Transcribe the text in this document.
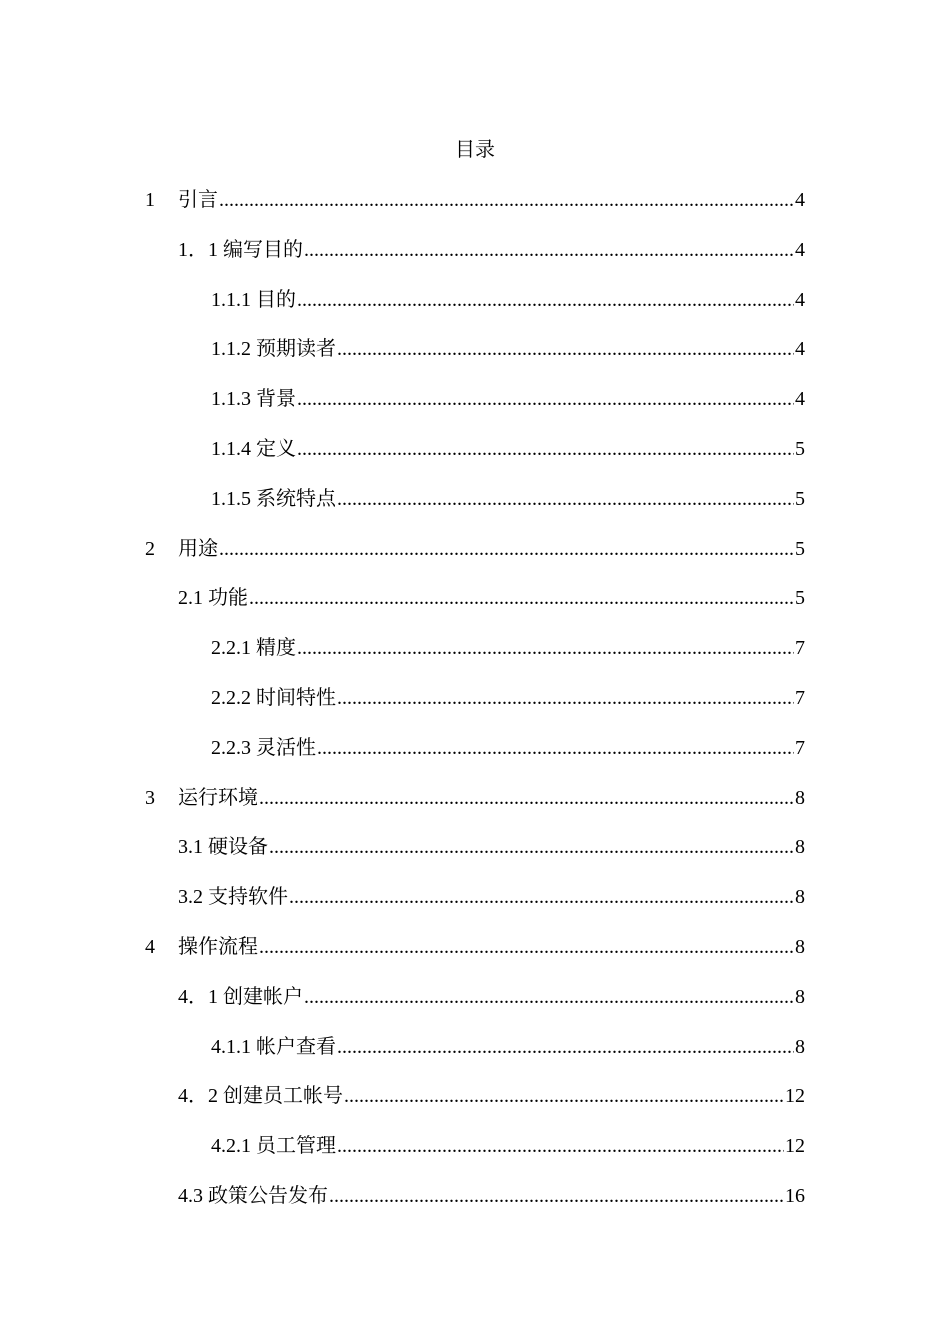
目录
1	引言 .....	4
1．1 编写目的 .....	4
1.1.1 目的 .....	4
1.1.2 预期读者 .....	4
1.1.3 背景 .....	4
1.1.4 定义 .....	5
1.1.5 系统特点 .....	5
2	用途 .....	5
2.1 功能 .....	5
2.2.1 精度 .....	7
2.2.2 时间特性 .....	7
2.2.3 灵活性 .....	7
3	运行环境 .....	8
3.1 硬设备 .....	8
3.2 支持软件 .....	8
4	操作流程 .....	8
4．1 创建帐户 .....	8
4.1.1 帐户查看 .....	8
4．2 创建员工帐号 .....	12
4.2.1 员工管理 .....	12
4.3 政策公告发布 .....	16
